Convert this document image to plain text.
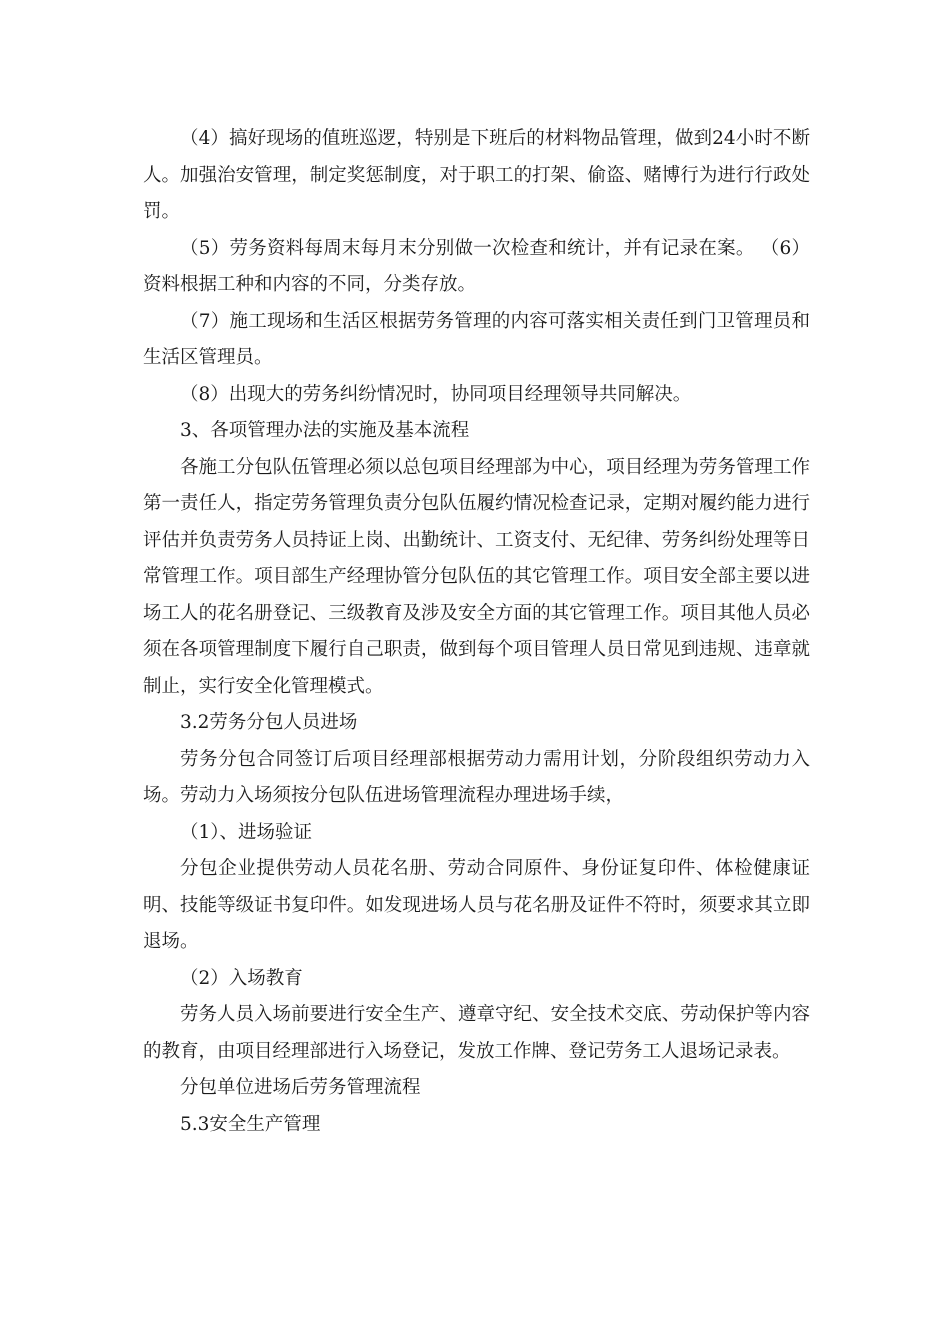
（4）搞好现场的值班巡逻，特别是下班后的材料物品管理，做到24小时不断人。加强治安管理，制定奖惩制度，对于职工的打架、偷盗、赌博行为进行行政处罚。

（5）劳务资料每周末每月末分别做一次检查和统计，并有记录在案。 （6）资料根据工种和内容的不同，分类存放。

（7）施工现场和生活区根据劳务管理的内容可落实相关责任到门卫管理员和生活区管理员。

（8）出现大的劳务纠纷情况时，协同项目经理领导共同解决。

3、各项管理办法的实施及基本流程

各施工分包队伍管理必须以总包项目经理部为中心，项目经理为劳务管理工作第一责任人，指定劳务管理负责分包队伍履约情况检查记录，定期对履约能力进行评估并负责劳务人员持证上岗、出勤统计、工资支付、无纪律、劳务纠纷处理等日常管理工作。项目部生产经理协管分包队伍的其它管理工作。项目安全部主要以进场工人的花名册登记、三级教育及涉及安全方面的其它管理工作。项目其他人员必须在各项管理制度下履行自己职责，做到每个项目管理人员日常见到违规、违章就制止，实行安全化管理模式。

3.2劳务分包人员进场

劳务分包合同签订后项目经理部根据劳动力需用计划，分阶段组织劳动力入场。劳动力入场须按分包队伍进场管理流程办理进场手续，

（1）、进场验证

分包企业提供劳动人员花名册、劳动合同原件、身份证复印件、体检健康证明、技能等级证书复印件。如发现进场人员与花名册及证件不符时，须要求其立即退场。

（2）入场教育

劳务人员入场前要进行安全生产、遵章守纪、安全技术交底、劳动保护等内容的教育，由项目经理部进行入场登记，发放工作牌、登记劳务工人退场记录表。

分包单位进场后劳务管理流程

5.3安全生产管理
